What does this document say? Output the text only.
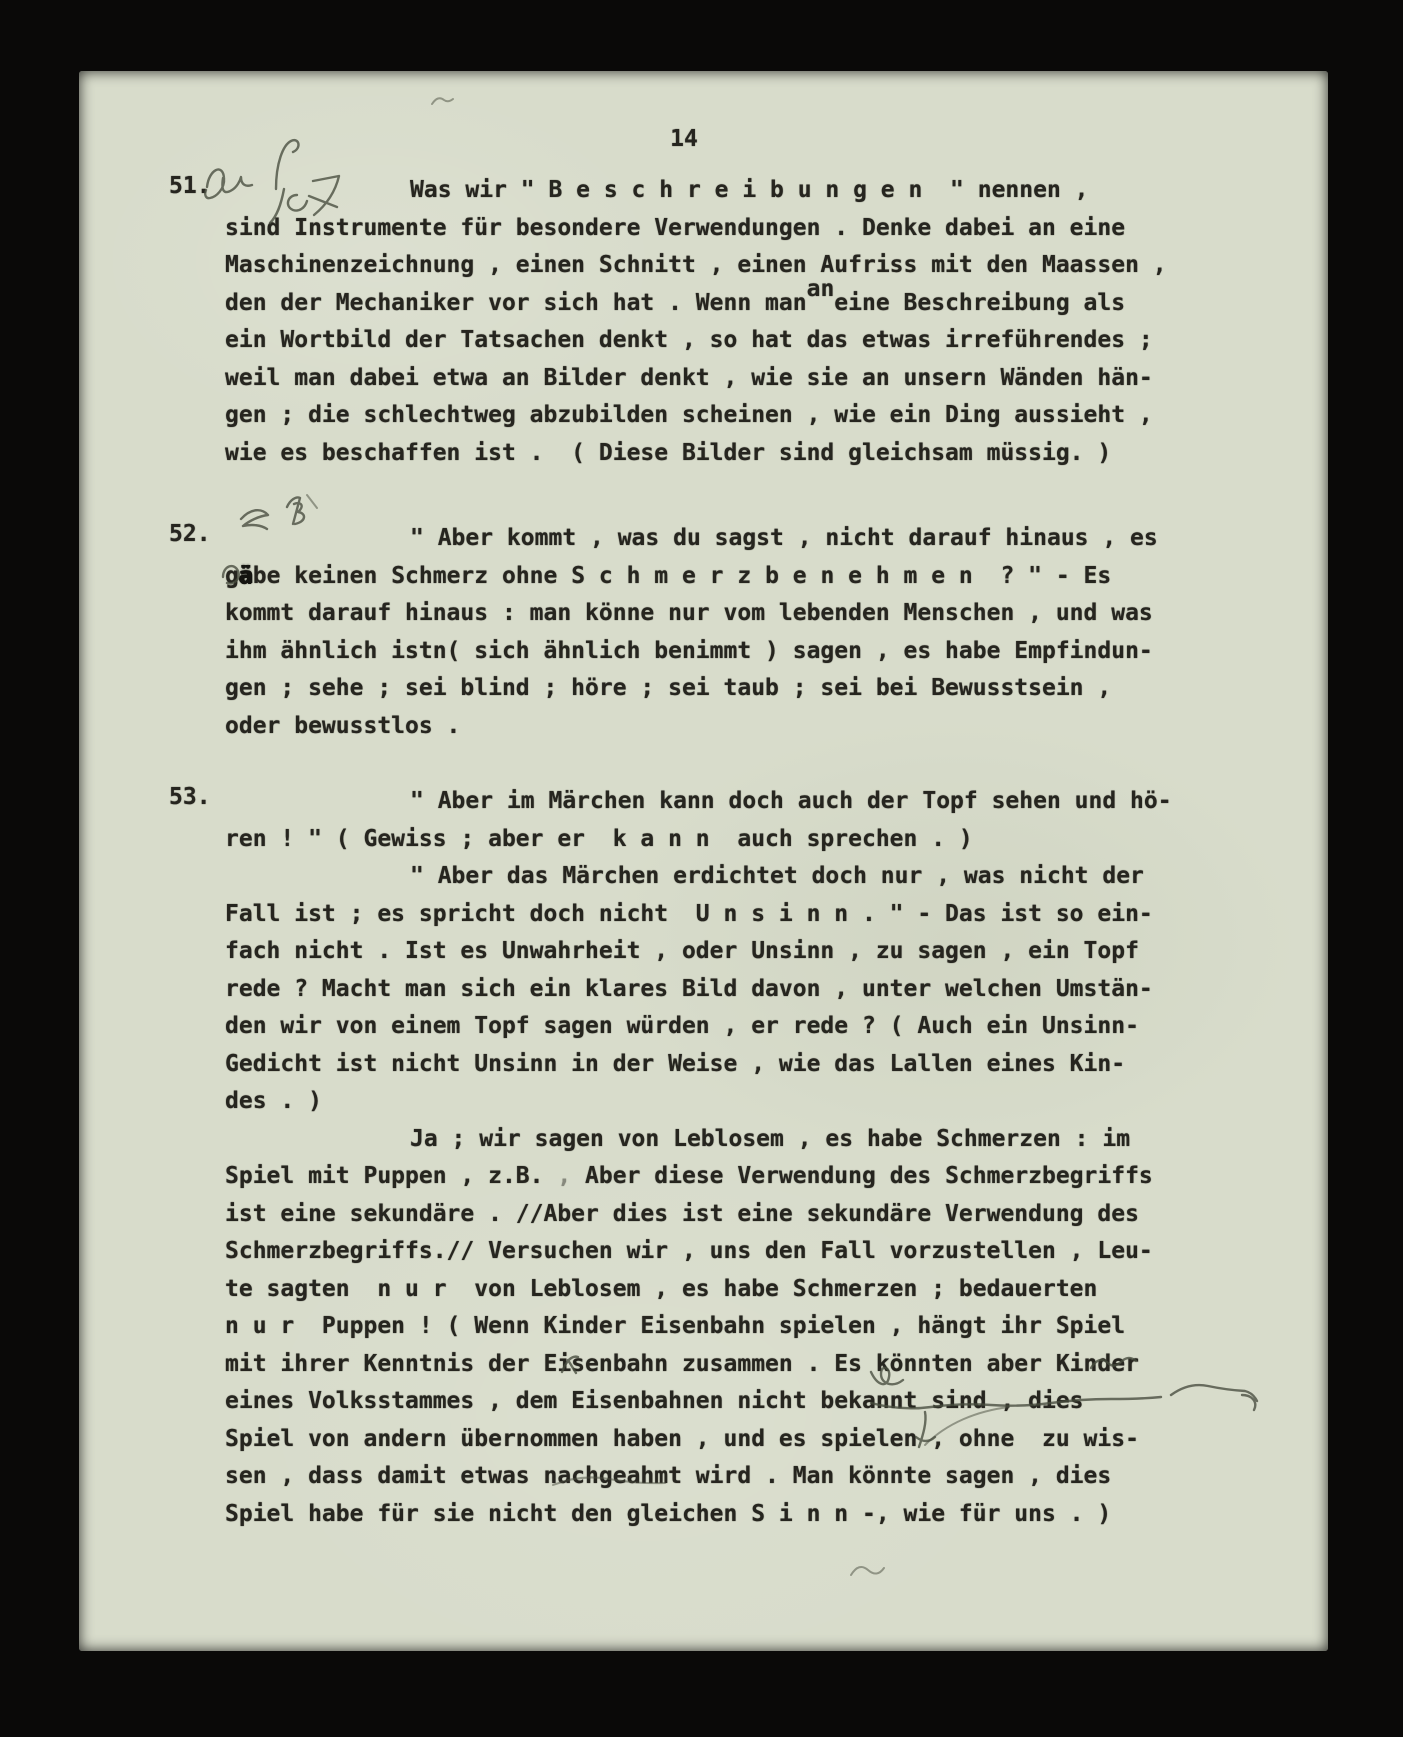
14
51.	Was wir " B e s c h r e i b u n g e n  " nennen ,
sind Instrumente für besondere Verwendungen . Denke dabei an eine
Maschinenzeichnung , einen Schnitt , einen Aufriss mit den Maassen ,
den der Mechaniker vor sich hat . Wenn mananeine Beschreibung als
ein Wortbild der Tatsachen denkt , so hat das etwas irreführendes ;
weil man dabei etwa an Bilder denkt , wie sie an unsern Wänden hän-
gen ; die schlechtweg abzubilden scheinen , wie ein Ding aussieht ,
wie es beschaffen ist .  ( Diese Bilder sind gleichsam müssig. )
52.	" Aber kommt , was du sagst , nicht darauf hinaus , es
gäbe keinen Schmerz ohne S c h m e r z b e n e h m e n  ? " - Es
kommt darauf hinaus : man könne nur vom lebenden Menschen , und was
ihm ähnlich istn( sich ähnlich benimmt ) sagen , es habe Empfindun-
gen ; sehe ; sei blind ; höre ; sei taub ; sei bei Bewusstsein ,
oder bewusstlos .
53.	" Aber im Märchen kann doch auch der Topf sehen und hö-
ren ! " ( Gewiss ; aber er  k a n n  auch sprechen . )
" Aber das Märchen erdichtet doch nur , was nicht der
Fall ist ; es spricht doch nicht  U n s i n n . " - Das ist so ein-
fach nicht . Ist es Unwahrheit , oder Unsinn , zu sagen , ein Topf
rede ? Macht man sich ein klares Bild davon , unter welchen Umstän-
den wir von einem Topf sagen würden , er rede ? ( Auch ein Unsinn-
Gedicht ist nicht Unsinn in der Weise , wie das Lallen eines Kin-
des . )
Ja ; wir sagen von Leblosem , es habe Schmerzen : im
Spiel mit Puppen , z.B. , Aber diese Verwendung des Schmerzbegriffs
ist eine sekundäre . //Aber dies ist eine sekundäre Verwendung des
Schmerzbegriffs.// Versuchen wir , uns den Fall vorzustellen , Leu-
te sagten  n u r  von Leblosem , es habe Schmerzen ; bedauerten
n u r  Puppen ! ( Wenn Kinder Eisenbahn spielen , hängt ihr Spiel
mit ihrer Kenntnis der Eisenbahn zusammen . Es könnten aber Kinder
eines Volksstammes , dem Eisenbahnen nicht bekannt sind , dies
Spiel von andern übernommen haben , und es spielen , ohne  zu wis-
sen , dass damit etwas nachgeahmt wird . Man könnte sagen , dies
Spiel habe für sie nicht den gleichen S i n n -, wie für uns . )
